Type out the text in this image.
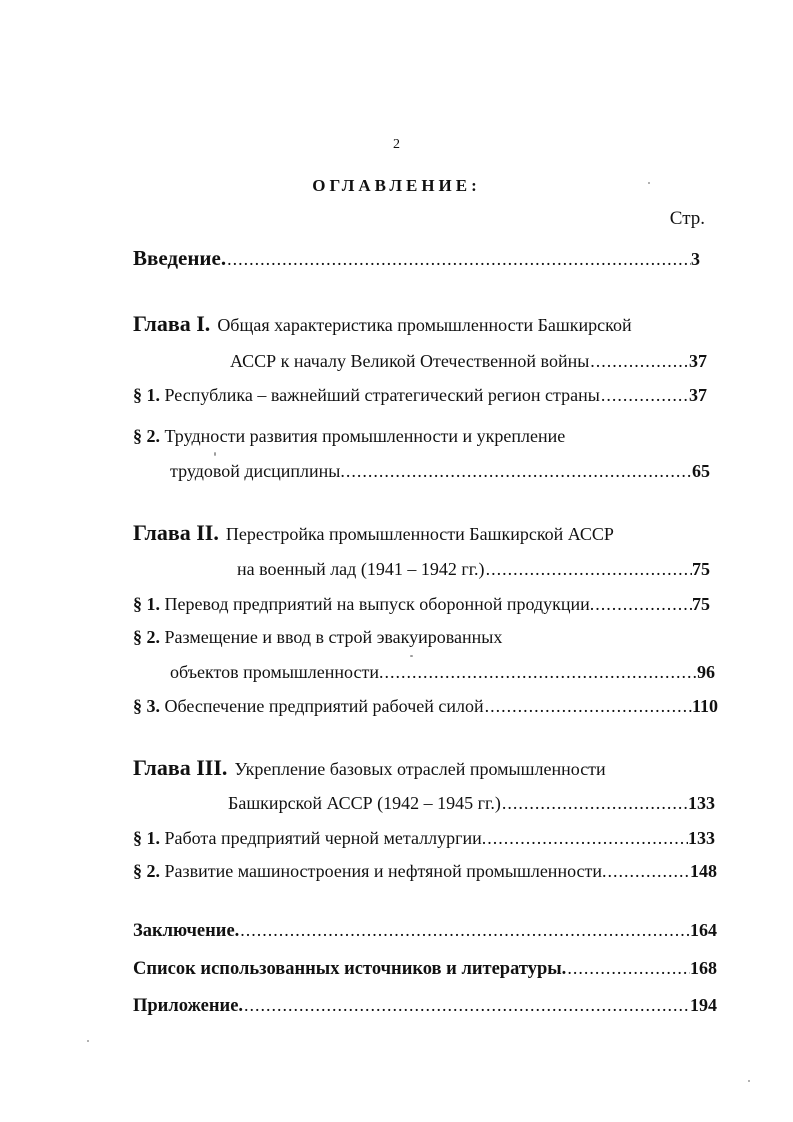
2
ОГЛАВЛЕНИЕ:
Стр.
Введение. .....	3
Глава I. Общая характеристика промышленности Башкирской
АССР к началу Великой Отечественной войны .....	37
§ 1.
Республика – важнейший стратегический регион страны .....	37
§ 2.
Трудности развития промышленности и укрепление
трудовой дисциплины. .....	65
Глава II. Перестройка промышленности Башкирской АССР
на военный лад (1941 – 1942 гг.) .....	75
§ 1.
Перевод предприятий на выпуск оборонной продукции. .....	75
§ 2.
Размещение и ввод в строй эвакуированных
объектов промышленности. .....	96
§ 3.
Обеспечение предприятий рабочей силой .....	110
Глава III. Укрепление базовых отраслей промышленности
Башкирской АССР (1942 – 1945 гг.) .....	133
§ 1.
Работа предприятий черной металлургии. .....	133
§ 2.
Развитие машиностроения и нефтяной промышленности. .....	148
Заключение. .....	164
Список использованных источников и литературы. .....	168
Приложение. .....	194
